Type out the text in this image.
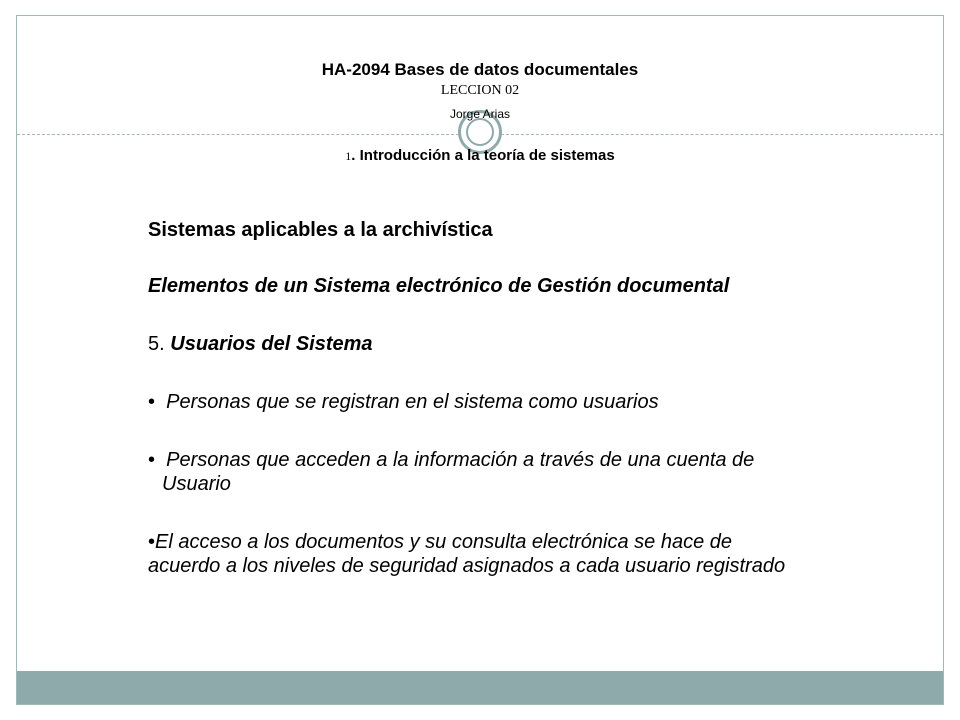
HA-2094 Bases de datos documentales
LECCION 02
Jorge Arias
1. Introducción a la teoría de sistemas
Sistemas aplicables a la archivística
Elementos de un Sistema electrónico de Gestión documental
5. Usuarios del Sistema
• Personas que se registran en el sistema como usuarios
• Personas que acceden a la información a través de una cuenta de
Usuario
•El acceso a los documentos y su consulta electrónica se hace de
acuerdo a los niveles de seguridad asignados a cada usuario registrado
